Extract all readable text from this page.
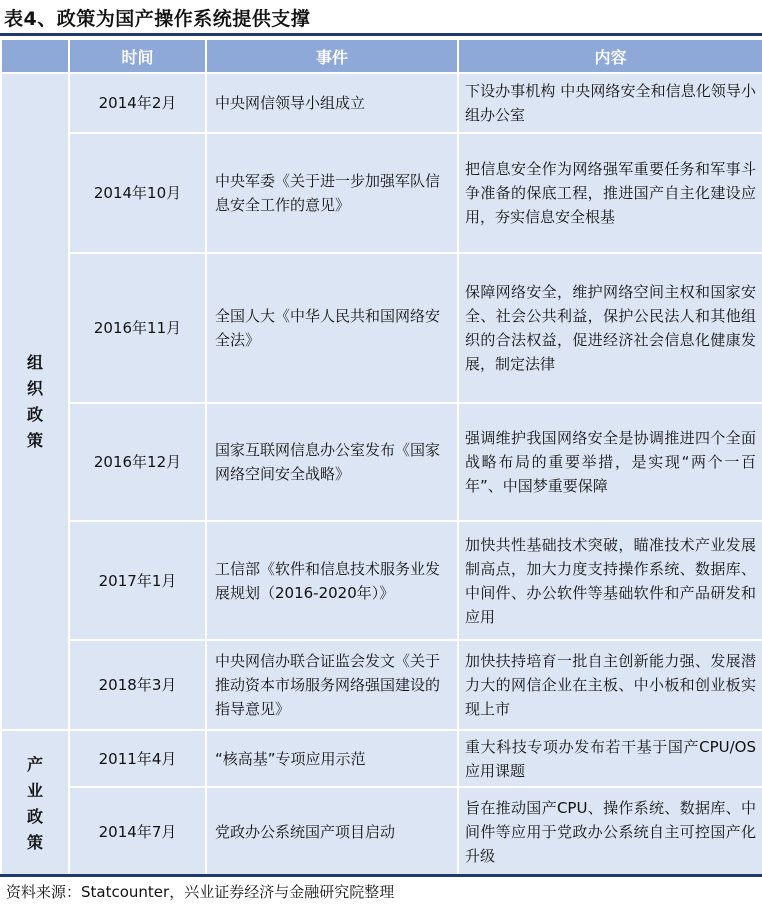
表4、政策为国产操作系统提供支撑
	时间	事件	内容
组织政策	2014年2月	中央网信领导小组成立	下设办事机构 中央网络安全和信息化领导小组办公室
	2014年10月	中央军委《关于进一步加强军队信息安全工作的意见》	把信息安全作为网络强军重要任务和军事斗争准备的保底工程，推进国产自主化建设应用，夯实信息安全根基
	2016年11月	全国人大《中华人民共和国网络安全法》	保障网络安全，维护网络空间主权和国家安全、社会公共利益，保护公民法人和其他组织的合法权益，促进经济社会信息化健康发展，制定法律
	2016年12月	国家互联网信息办公室发布《国家网络空间安全战略》	强调维护我国网络安全是协调推进四个全面战略布局的重要举措，是实现“两个一百年”、中国梦重要保障
	2017年1月	工信部《软件和信息技术服务业发展规划（2016-2020年）》	加快共性基础技术突破，瞄准技术产业发展制高点，加大力度支持操作系统、数据库、中间件、办公软件等基础软件和产品研发和应用
	2018年3月	中央网信办联合证监会发文《关于推动资本市场服务网络强国建设的指导意见》	加快扶持培育一批自主创新能力强、发展潜力大的网信企业在主板、中小板和创业板实现上市
产业政策	2011年4月	“核高基”专项应用示范	重大科技专项办发布若干基于国产CPU/OS应用课题
	2014年7月	党政办公系统国产项目启动	旨在推动国产CPU、操作系统、数据库、中间件等应用于党政办公系统自主可控国产化升级
资料来源：Statcounter，兴业证券经济与金融研究院整理
